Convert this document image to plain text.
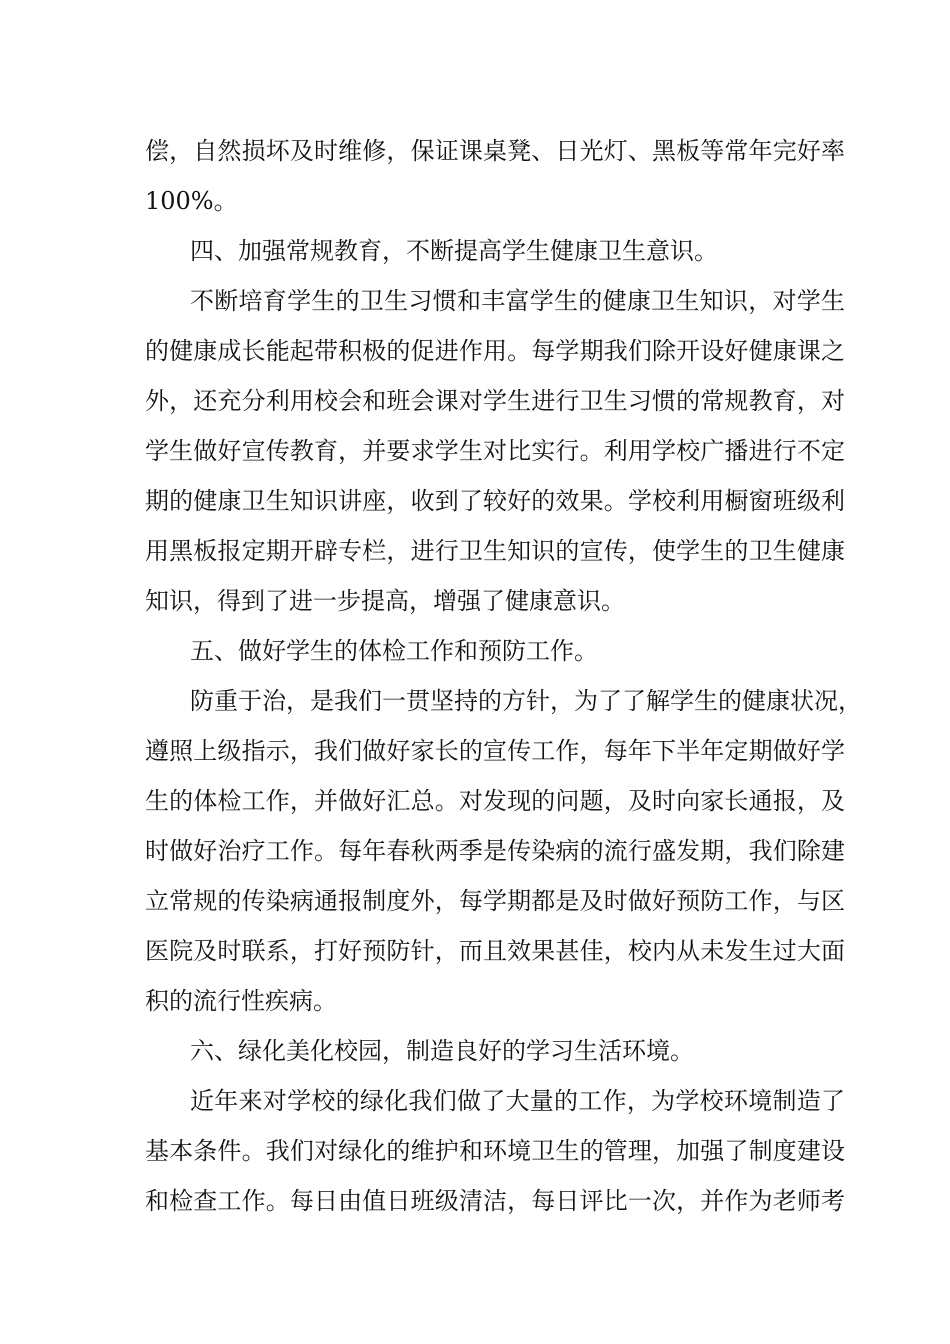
偿，自然损坏及时维修，保证课桌凳、日光灯、黑板等常年完好率
100%。
四、加强常规教育，不断提高学生健康卫生意识。
不断培育学生的卫生习惯和丰富学生的健康卫生知识，对学生
的健康成长能起带积极的促进作用。每学期我们除开设好健康课之
外，还充分利用校会和班会课对学生进行卫生习惯的常规教育，对
学生做好宣传教育，并要求学生对比实行。利用学校广播进行不定
期的健康卫生知识讲座，收到了较好的效果。学校利用橱窗班级利
用黑板报定期开辟专栏，进行卫生知识的宣传，使学生的卫生健康
知识，得到了进一步提高，增强了健康意识。
五、做好学生的体检工作和预防工作。
防重于治，是我们一贯坚持的方针，为了了解学生的健康状况，
遵照上级指示，我们做好家长的宣传工作，每年下半年定期做好学
生的体检工作，并做好汇总。对发现的问题，及时向家长通报，及
时做好治疗工作。每年春秋两季是传染病的流行盛发期，我们除建
立常规的传染病通报制度外，每学期都是及时做好预防工作，与区
医院及时联系，打好预防针，而且效果甚佳，校内从未发生过大面
积的流行性疾病。
六、绿化美化校园，制造良好的学习生活环境。
近年来对学校的绿化我们做了大量的工作，为学校环境制造了
基本条件。我们对绿化的维护和环境卫生的管理，加强了制度建设
和检查工作。每日由值日班级清洁，每日评比一次，并作为老师考
